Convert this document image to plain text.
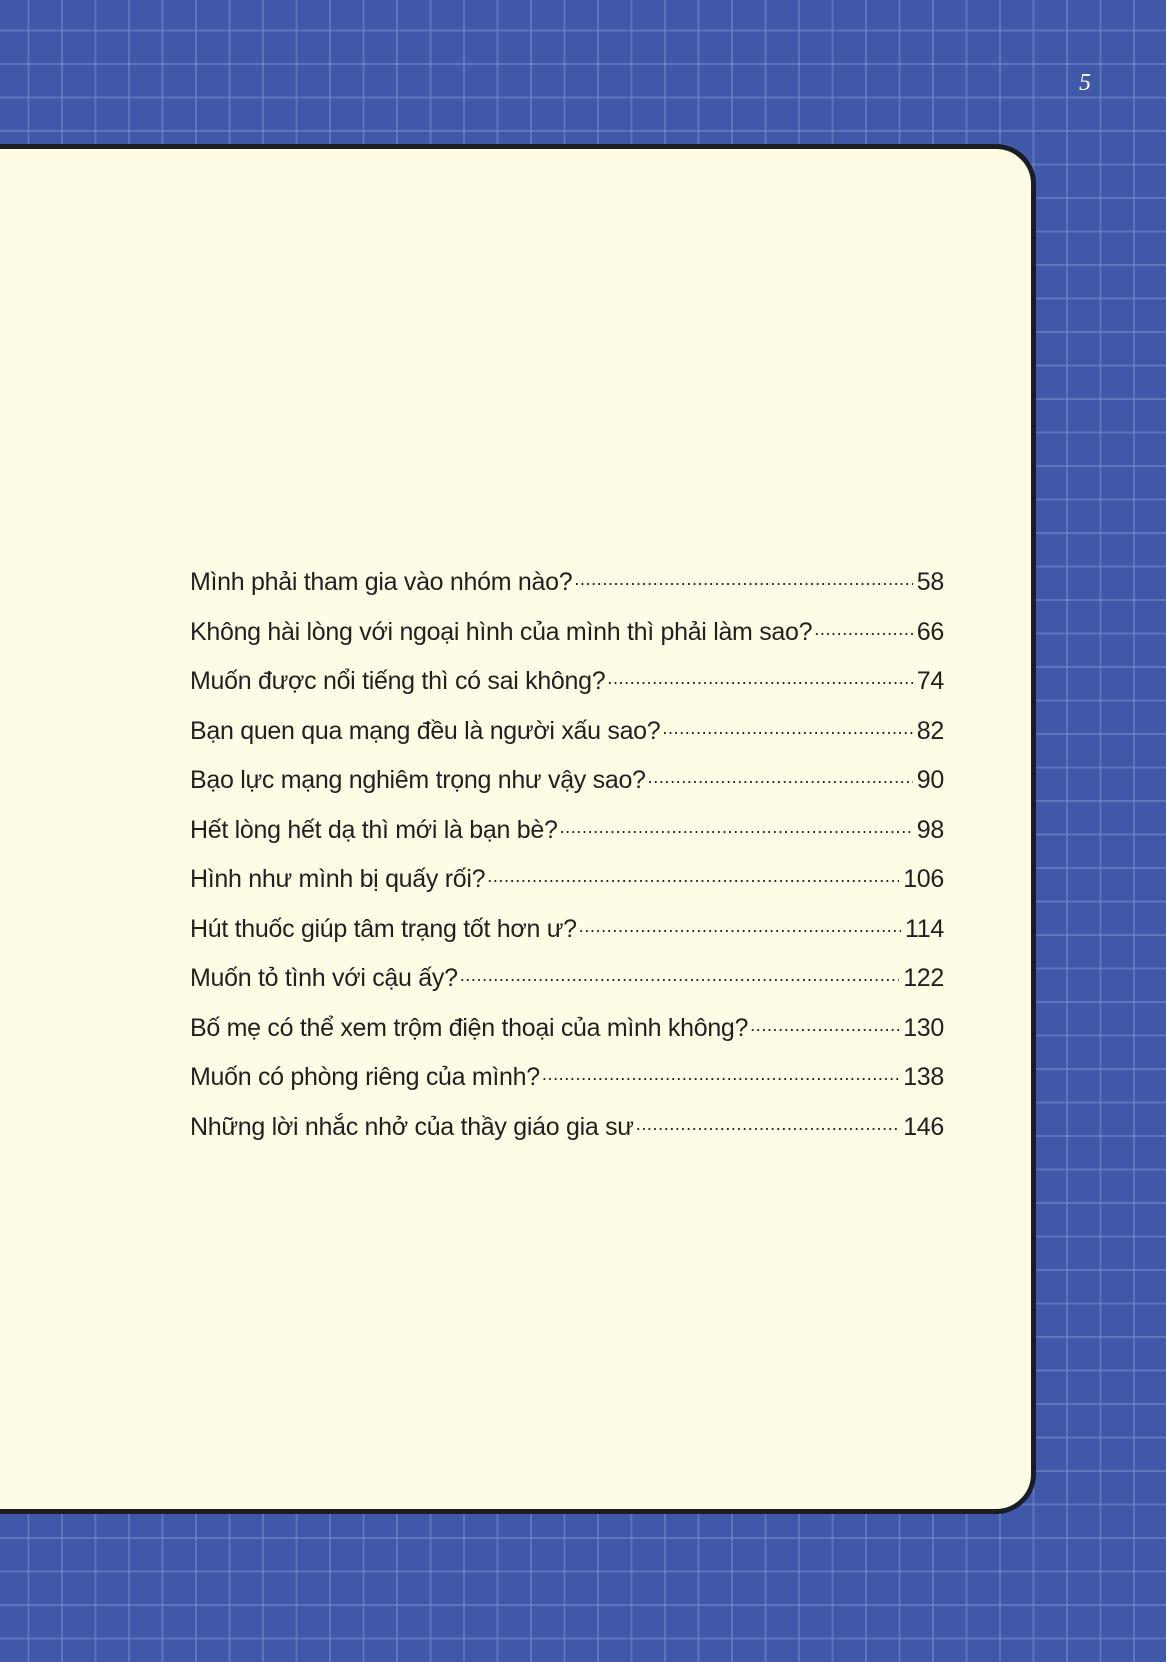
5
Mình phải tham gia vào nhóm nào? .....	58
Không hài lòng với ngoại hình của mình thì phải làm sao? .....	66
Muốn được nổi tiếng thì có sai không? .....	74
Bạn quen qua mạng đều là người xấu sao? .....	82
Bạo lực mạng nghiêm trọng như vậy sao? .....	90
Hết lòng hết dạ thì mới là bạn bè? .....	98
Hình như mình bị quấy rối? .....	106
Hút thuốc giúp tâm trạng tốt hơn ư? .....	114
Muốn tỏ tình với cậu ấy? .....	122
Bố mẹ có thể xem trộm điện thoại của mình không? .....	130
Muốn có phòng riêng của mình? .....	138
Những lời nhắc nhở của thầy giáo gia sư .....	146
